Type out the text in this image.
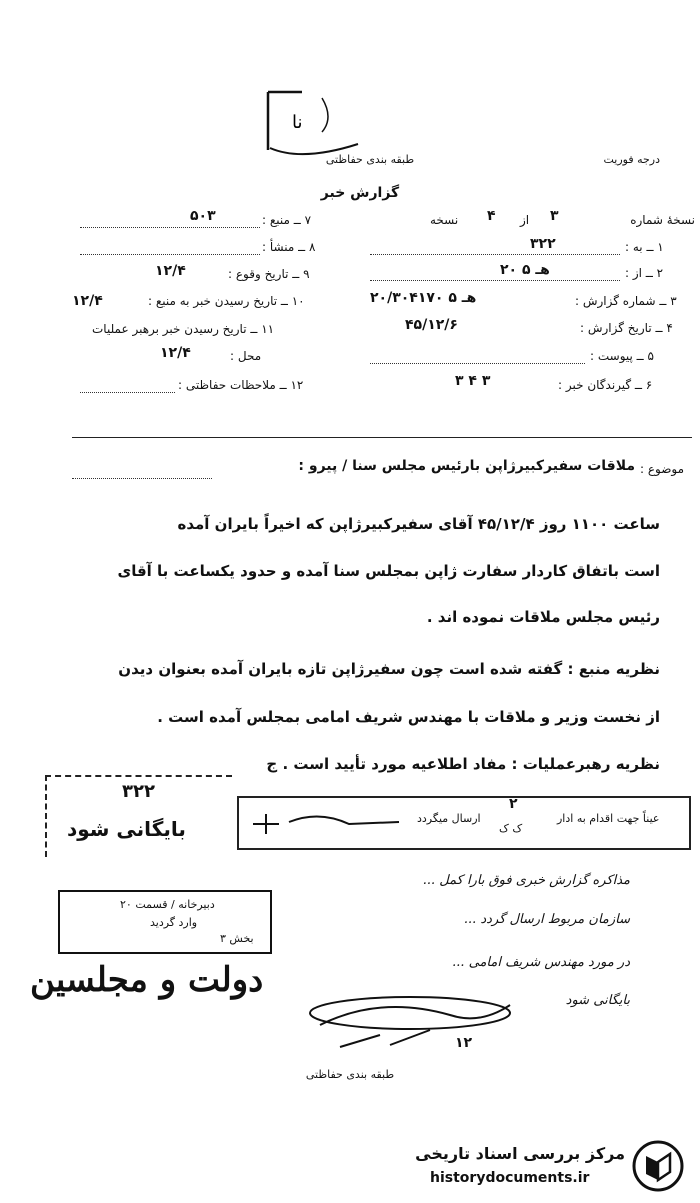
نا
طبقه بندی حفاظتی	درجه فوریت
گزارش خبر
نسخهٔ شماره
۳
از
۴
نسخه
۱ ــ به :
۳۲۲
۲ ــ از :
۲۰ هـ ۵
۳ ــ شماره گزارش :
۲۰/۳۰۴۱۷۰ هـ ۵
۴ ــ تاریخ گزارش :
۴۵/۱۲/۶
۵ ــ پیوست :
۶ ــ گیرندگان خبر :
۳ ۴ ۳
۷ ــ منبع :
۵۰۳
۸ ــ منشأ :
۹ ــ تاریخ وقوع :
۱۲/۴
۱۰ ــ تاریخ رسیدن خبر به منبع :
۱۲/۴
۱۱ ــ تاریخ رسیدن خبر برهبر عملیات
محل :
۱۲/۴
۱۲ ــ ملاحظات حفاظتی :
موضوع :
ملاقات سفیرکبیرژاپن بارئیس مجلس سنا / پیرو :
ساعت ۱۱۰۰ روز ۴۵/۱۲/۴ آقای سفیرکبیرژاپن که اخیراً بایران آمده
است باتفاق کاردار سفارت ژاپن بمجلس سنا آمده و حدود یکساعت با آقای
رئیس مجلس ملاقات نموده اند .
نظریه منبع : گفته شده است چون سفیرژاپن تازه بایران آمده بعنوان دیدن
از نخست وزیر و ملاقات با مهندس شریف امامی بمجلس آمده است .
نظریه رهبرعملیات : مفاد اطلاعیه مورد تأیید است . ج
۳۲۲
بایگانی شود	عیناً جهت اقدام به ادار
۲
ک ک
ارسال میگردد
دبیرخانه / قسمت ۲۰
وارد گردید
بخش ۳
مذاکره گزارش خبری فوق بارا کمل ...
سازمان مربوط ارسال گردد ...
در مورد مهندس شریف امامی ...
بایگانی شود
دولت و مجلسین
۱۲
طبقه بندی حفاظتی
مرکز بررسی اسناد تاریخی
historydocuments.ir
